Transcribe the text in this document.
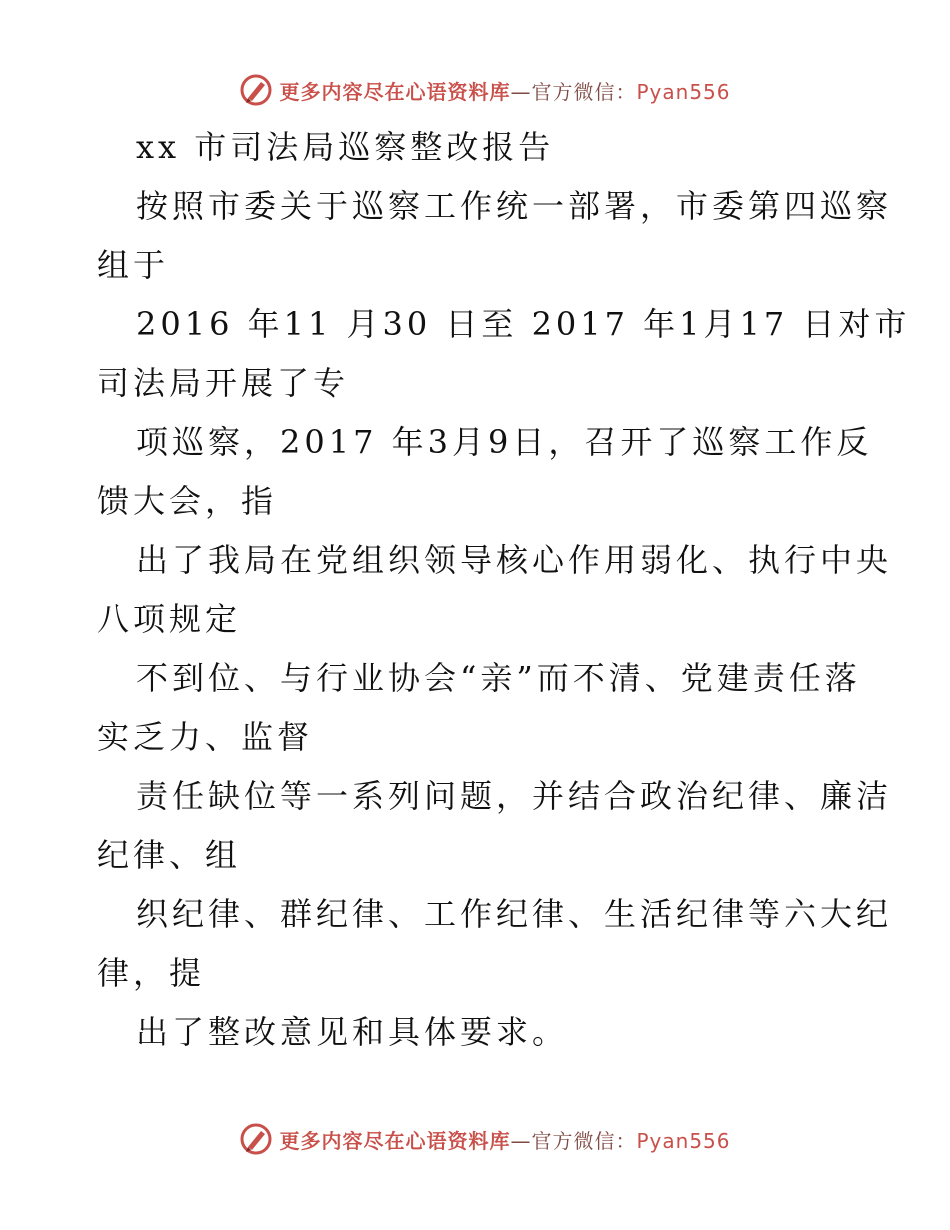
更多内容尽在心语资料库—官方微信：Pyan556
xx 市司法局巡察整改报告
按照市委关于巡察工作统一部署，市委第四巡察
组于
2016 年11 月30 日至 2017 年1月17 日对市
司法局开展了专
项巡察，2017 年3月9日，召开了巡察工作反
馈大会，指
出了我局在党组织领导核心作用弱化、执行中央
八项规定
不到位、与行业协会“亲”而不清、党建责任落
实乏力、监督
责任缺位等一系列问题，并结合政治纪律、廉洁
纪律、组
织纪律、群纪律、工作纪律、生活纪律等六大纪
律，提
出了整改意见和具体要求。
更多内容尽在心语资料库—官方微信：Pyan556
